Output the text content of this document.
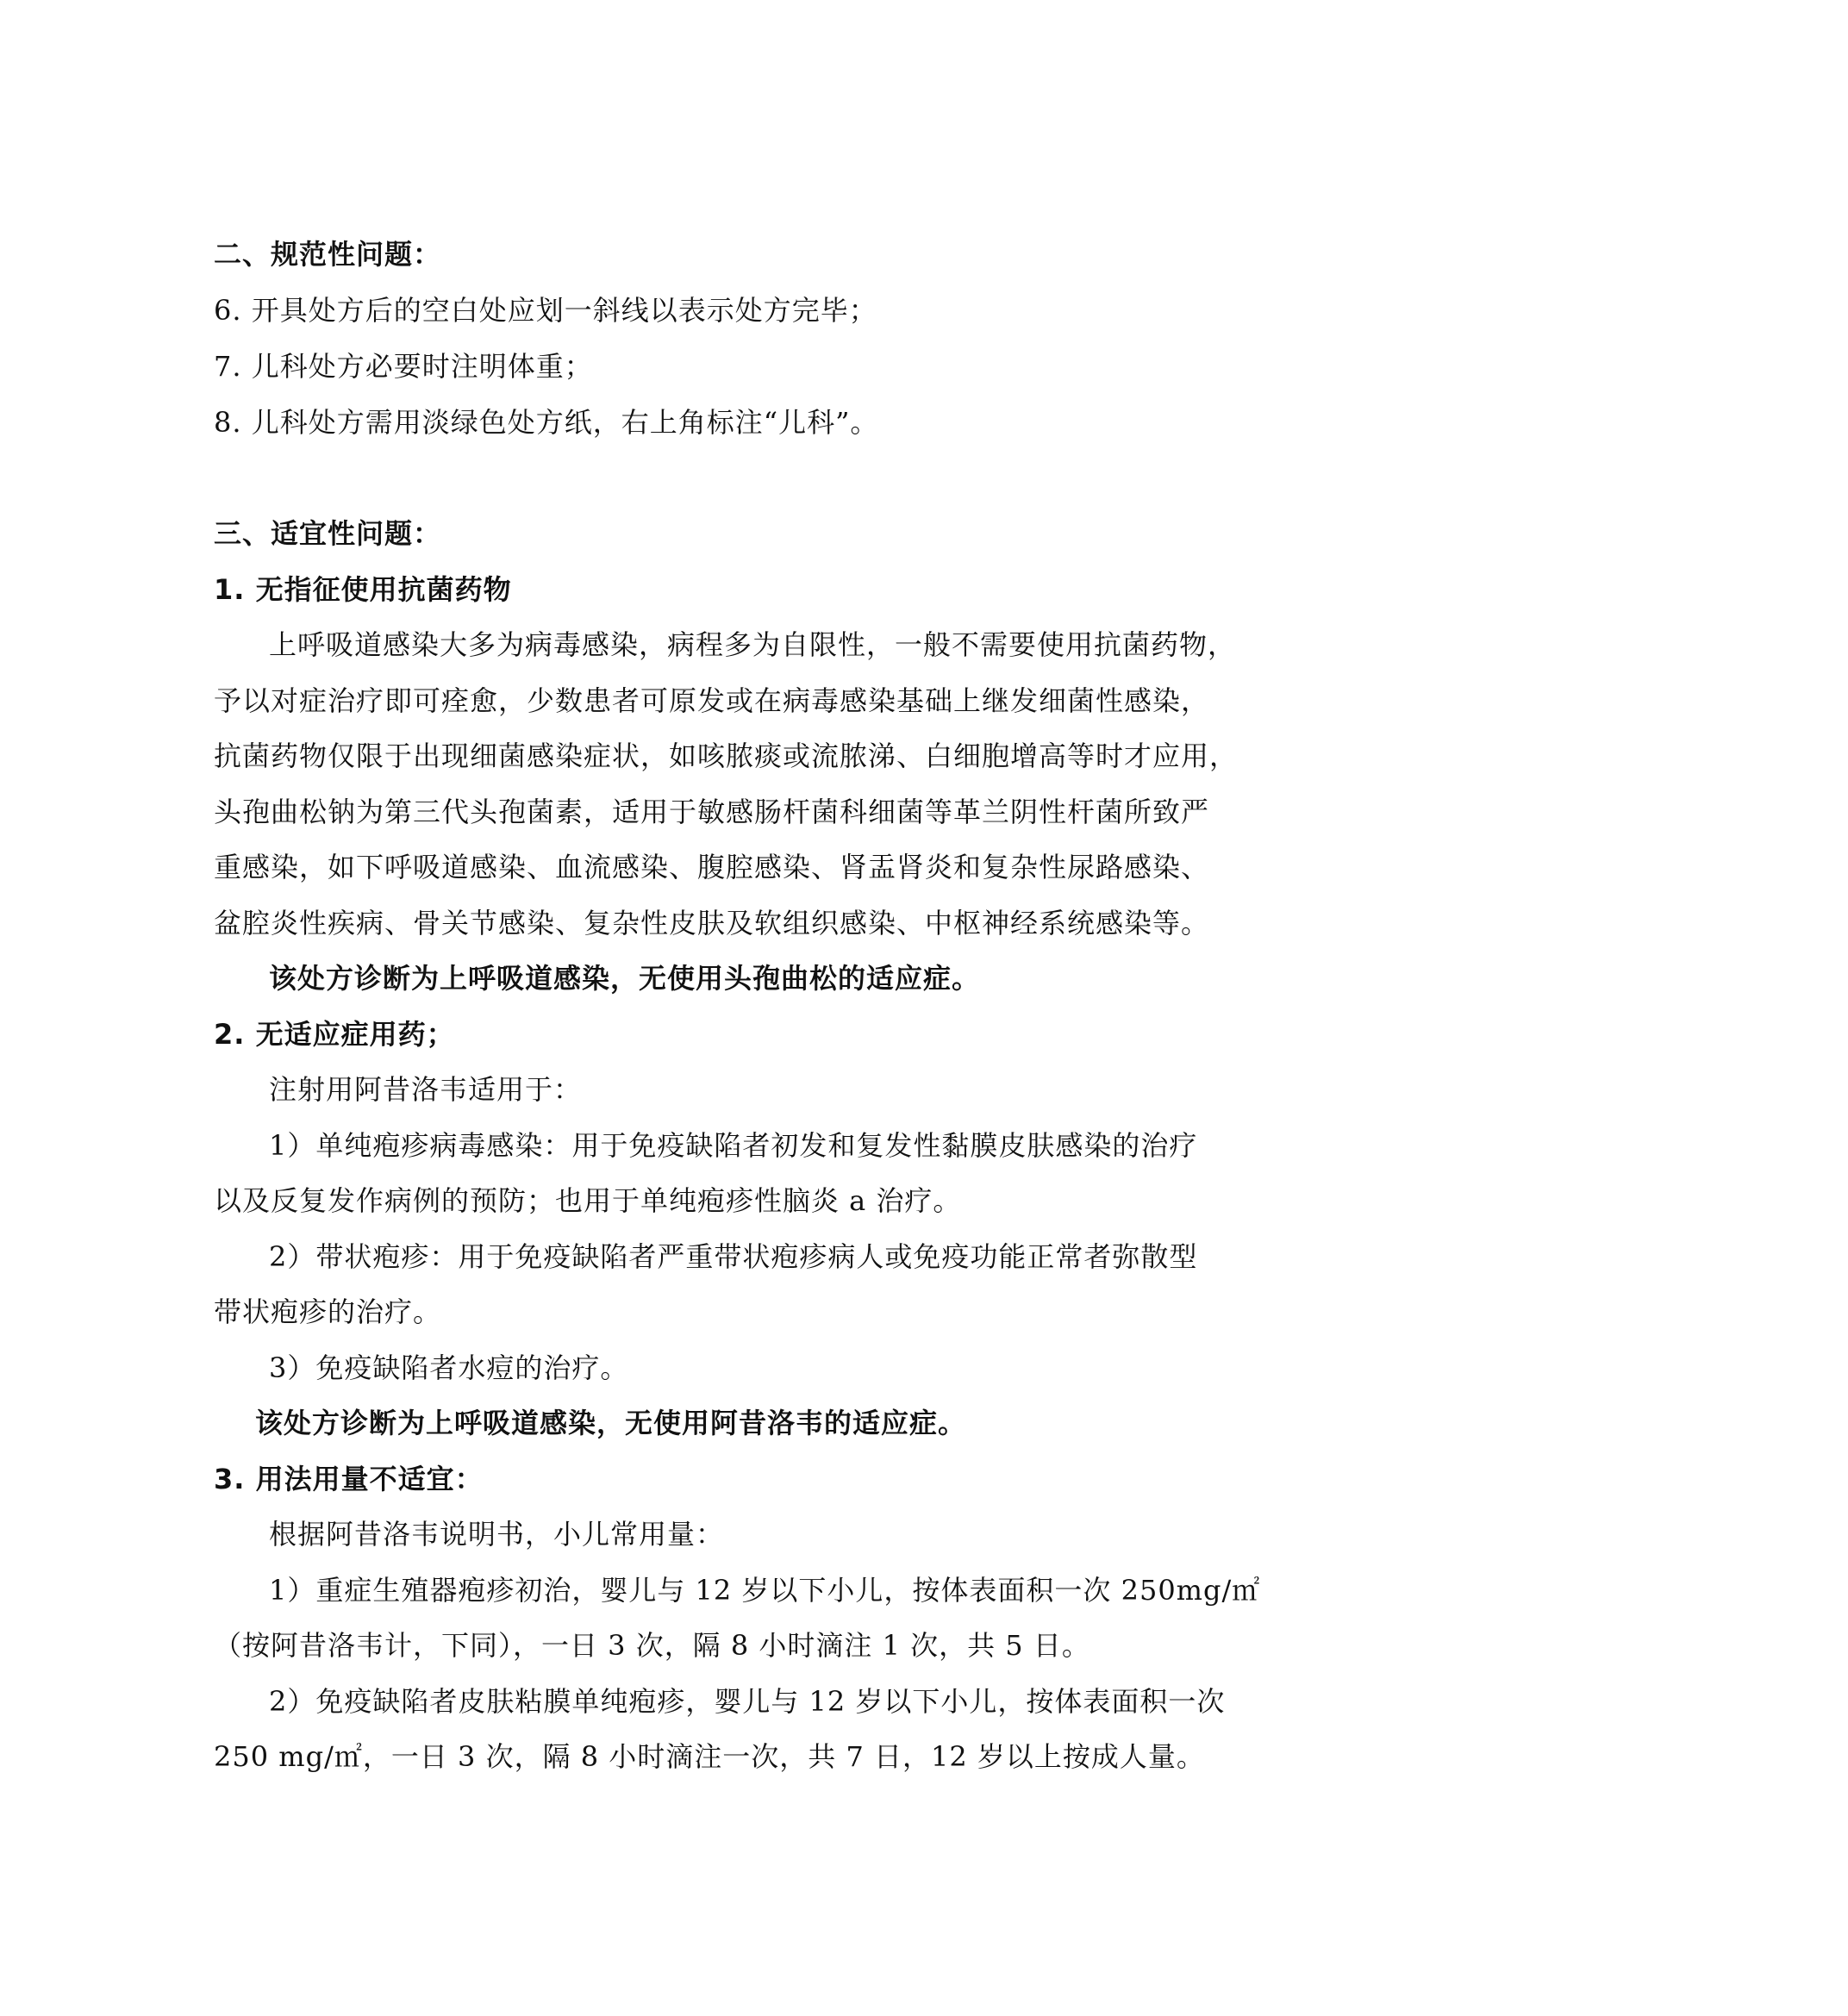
二、规范性问题：
6. 开具处方后的空白处应划一斜线以表示处方完毕；
7. 儿科处方必要时注明体重；
8. 儿科处方需用淡绿色处方纸，右上角标注“儿科”。
三、适宜性问题：
1. 无指征使用抗菌药物
上呼吸道感染大多为病毒感染，病程多为自限性，一般不需要使用抗菌药物，
予以对症治疗即可痊愈，少数患者可原发或在病毒感染基础上继发细菌性感染，
抗菌药物仅限于出现细菌感染症状，如咳脓痰或流脓涕、白细胞增高等时才应用，
头孢曲松钠为第三代头孢菌素，适用于敏感肠杆菌科细菌等革兰阴性杆菌所致严
重感染，如下呼吸道感染、血流感染、腹腔感染、肾盂肾炎和复杂性尿路感染、
盆腔炎性疾病、骨关节感染、复杂性皮肤及软组织感染、中枢神经系统感染等。
该处方诊断为上呼吸道感染，无使用头孢曲松的适应症。
2. 无适应症用药；
注射用阿昔洛韦适用于：
1）单纯疱疹病毒感染：用于免疫缺陷者初发和复发性黏膜皮肤感染的治疗
以及反复发作病例的预防；也用于单纯疱疹性脑炎 a 治疗。
2）带状疱疹：用于免疫缺陷者严重带状疱疹病人或免疫功能正常者弥散型
带状疱疹的治疗。
3）免疫缺陷者水痘的治疗。
该处方诊断为上呼吸道感染，无使用阿昔洛韦的适应症。
3. 用法用量不适宜：
根据阿昔洛韦说明书，小儿常用量：
1）重症生殖器疱疹初治，婴儿与 12 岁以下小儿，按体表面积一次 250mg/㎡
（按阿昔洛韦计，下同），一日 3 次，隔 8 小时滴注 1 次，共 5 日。
2）免疫缺陷者皮肤粘膜单纯疱疹，婴儿与 12 岁以下小儿，按体表面积一次
250 mg/㎡，一日 3 次，隔 8 小时滴注一次，共 7 日，12 岁以上按成人量。
